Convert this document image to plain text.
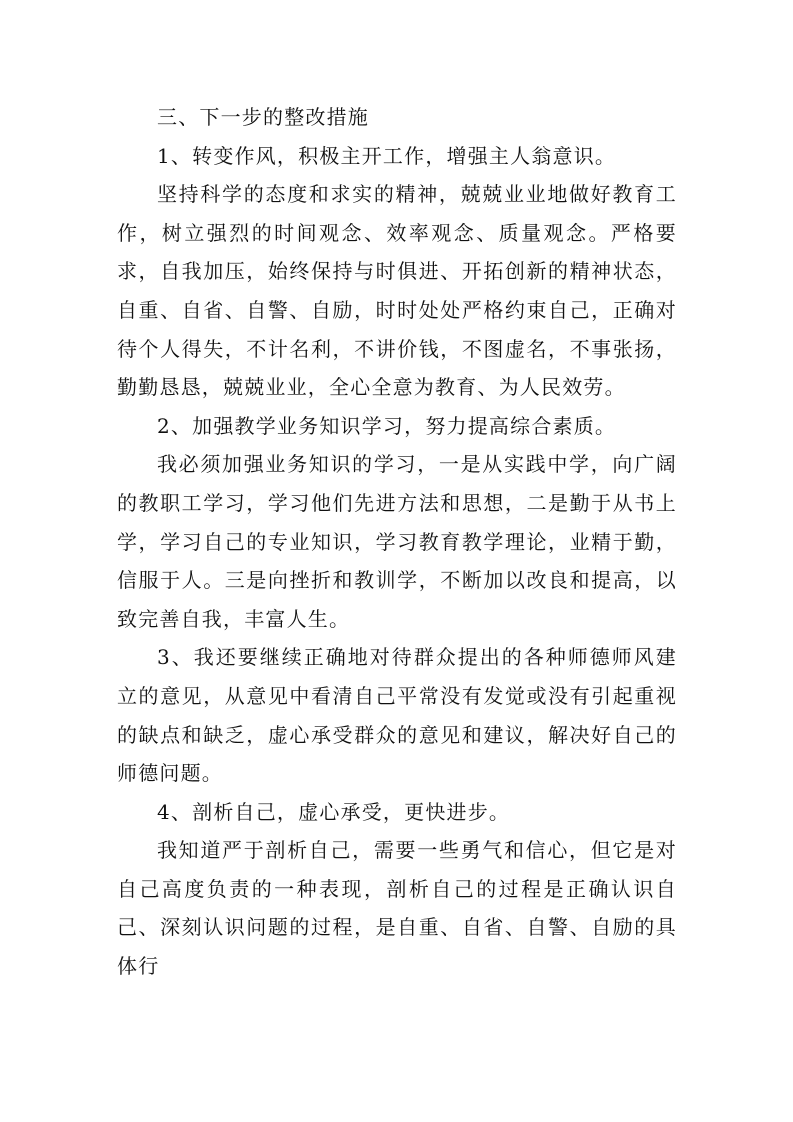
三、下一步的整改措施

1、转变作风，积极主开工作，增强主人翁意识。

坚持科学的态度和求实的精神，兢兢业业地做好教育工作，树立强烈的时间观念、效率观念、质量观念。严格要求，自我加压，始终保持与时俱进、开拓创新的精神状态，自重、自省、自警、自励，时时处处严格约束自己，正确对待个人得失，不计名利，不讲价钱，不图虚名，不事张扬，勤勤恳恳，兢兢业业，全心全意为教育、为人民效劳。

2、加强教学业务知识学习，努力提高综合素质。

我必须加强业务知识的学习，一是从实践中学，向广阔的教职工学习，学习他们先进方法和思想，二是勤于从书上学，学习自己的专业知识，学习教育教学理论，业精于勤，信服于人。三是向挫折和教训学，不断加以改良和提高，以致完善自我，丰富人生。

3、我还要继续正确地对待群众提出的各种师德师风建立的意见，从意见中看清自己平常没有发觉或没有引起重视的缺点和缺乏，虚心承受群众的意见和建议，解决好自己的师德问题。

4、剖析自己，虚心承受，更快进步。

我知道严于剖析自己，需要一些勇气和信心，但它是对自己高度负责的一种表现，剖析自己的过程是正确认识自己、深刻认识问题的过程，是自重、自省、自警、自励的具体行
